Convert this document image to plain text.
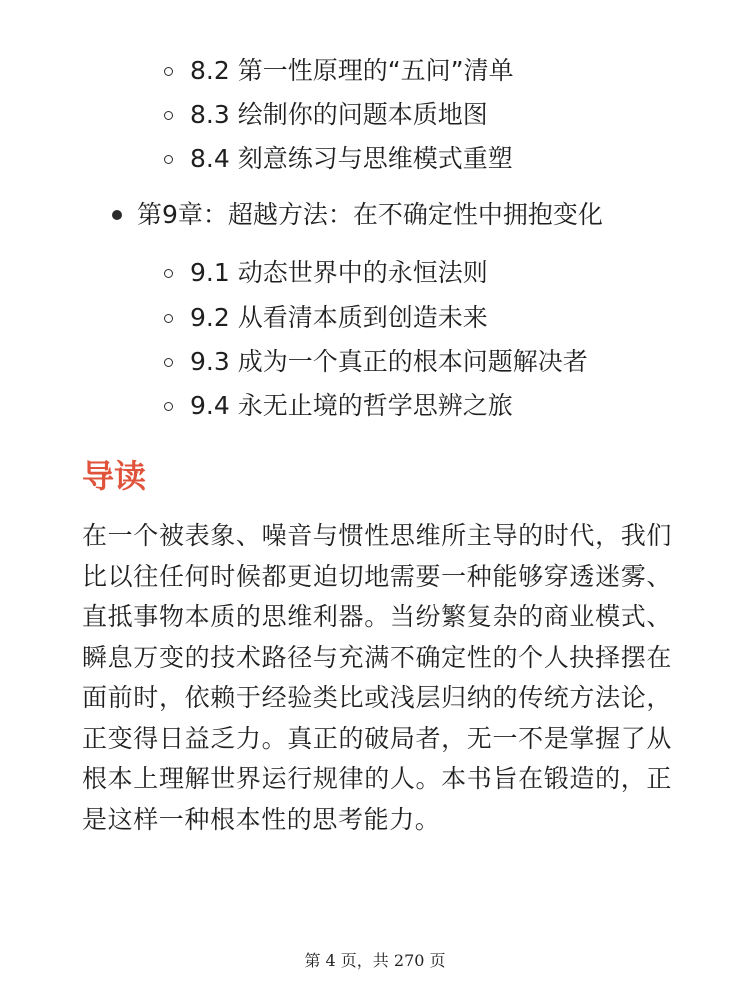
8.2 第一性原理的“五问”清单
8.3 绘制你的问题本质地图
8.4 刻意练习与思维模式重塑
第9章：超越方法：在不确定性中拥抱变化
9.1 动态世界中的永恒法则
9.2 从看清本质到创造未来
9.3 成为一个真正的根本问题解决者
9.4 永无止境的哲学思辨之旅
导读

在一个被表象、噪音与惯性思维所主导的时代，我们比以往任何时候都更迫切地需要一种能够穿透迷雾、直抵事物本质的思维利器。当纷繁复杂的商业模式、瞬息万变的技术路径与充满不确定性的个人抉择摆在面前时，依赖于经验类比或浅层归纳的传统方法论，正变得日益乏力。真正的破局者，无一不是掌握了从根本上理解世界运行规律的人。本书旨在锻造的，正是这样一种根本性的思考能力。

第 4 页，共 270 页
